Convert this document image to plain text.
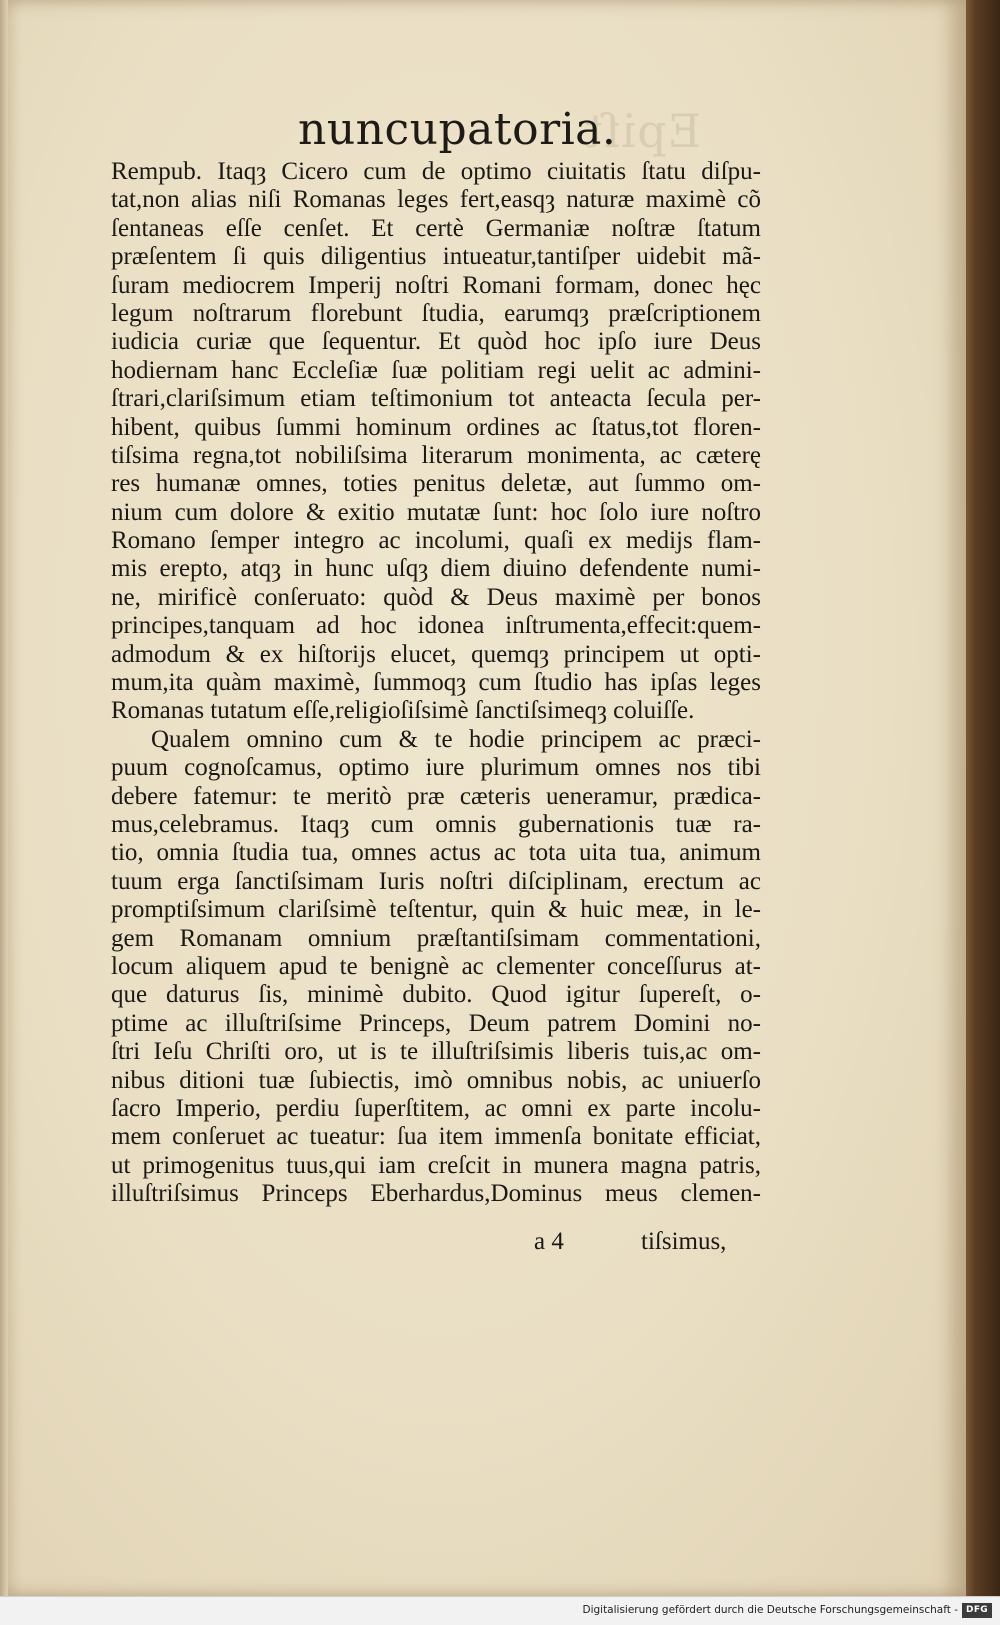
Epiſt
nuncupatoria.
Rempub. Itaqȝ Cicero cum de optimo ciuitatis ſtatu diſpu-
tat,non alias niſi Romanas leges fert,easqȝ naturæ maximè cõ
ſentaneas eſſe cenſet. Et certè Germaniæ noſtræ ſtatum
præſentem ſi quis diligentius intueatur,tantiſper uidebit mã-
ſuram mediocrem Imperij noſtri Romani formam, donec hęc
legum noſtrarum florebunt ſtudia, earumqȝ præſcriptionem
iudicia curiæ que ſequentur. Et quòd hoc ipſo iure Deus
hodiernam hanc Eccleſiæ ſuæ politiam regi uelit ac admini-
ſtrari,clariſsimum etiam teſtimonium tot anteacta ſecula per-
hibent, quibus ſummi hominum ordines ac ſtatus,tot floren-
tiſsima regna,tot nobiliſsima literarum monimenta, ac cæterę
res humanæ omnes, toties penitus deletæ, aut ſummo om-
nium cum dolore & exitio mutatæ ſunt: hoc ſolo iure noſtro
Romano ſemper integro ac incolumi, quaſi ex medijs flam-
mis erepto, atqȝ in hunc uſqȝ diem diuino defendente numi-
ne, mirificè conſeruato: quòd & Deus maximè per bonos
principes,tanquam ad hoc idonea inſtrumenta,effecit:quem-
admodum & ex hiſtorijs elucet, quemqȝ principem ut opti-
mum,ita quàm maximè, ſummoqȝ cum ſtudio has ipſas leges
Romanas tutatum eſſe,religioſiſsimè ſanctiſsimeqȝ coluiſſe.
Qualem omnino cum & te hodie principem ac præci-
puum cognoſcamus, optimo iure plurimum omnes nos tibi
debere fatemur: te meritò præ cæteris ueneramur, prædica-
mus,celebramus. Itaqȝ cum omnis gubernationis tuæ ra-
tio, omnia ſtudia tua, omnes actus ac tota uita tua, animum
tuum erga ſanctiſsimam Iuris noſtri diſciplinam, erectum ac
promptiſsimum clariſsimè teſtentur, quin & huic meæ, in le-
gem Romanam omnium præſtantiſsimam commentationi,
locum aliquem apud te benignè ac clementer conceſſurus at-
que daturus ſis, minimè dubito. Quod igitur ſupereſt, o-
ptime ac illuſtriſsime Princeps, Deum patrem Domini no-
ſtri Ieſu Chriſti oro, ut is te illuſtriſsimis liberis tuis,ac om-
nibus ditioni tuæ ſubiectis, imò omnibus nobis, ac uniuerſo
ſacro Imperio, perdiu ſuperſtitem, ac omni ex parte incolu-
mem conſeruet ac tueatur: ſua item immenſa bonitate efficiat,
ut primogenitus tuus,qui iam creſcit in munera magna patris,
illuſtriſsimus Princeps Eberhardus,Dominus meus clemen-
a 4	tiſsimus,
Digitalisierung gefördert durch die Deutsche Forschungsgemeinschaft - DFG
